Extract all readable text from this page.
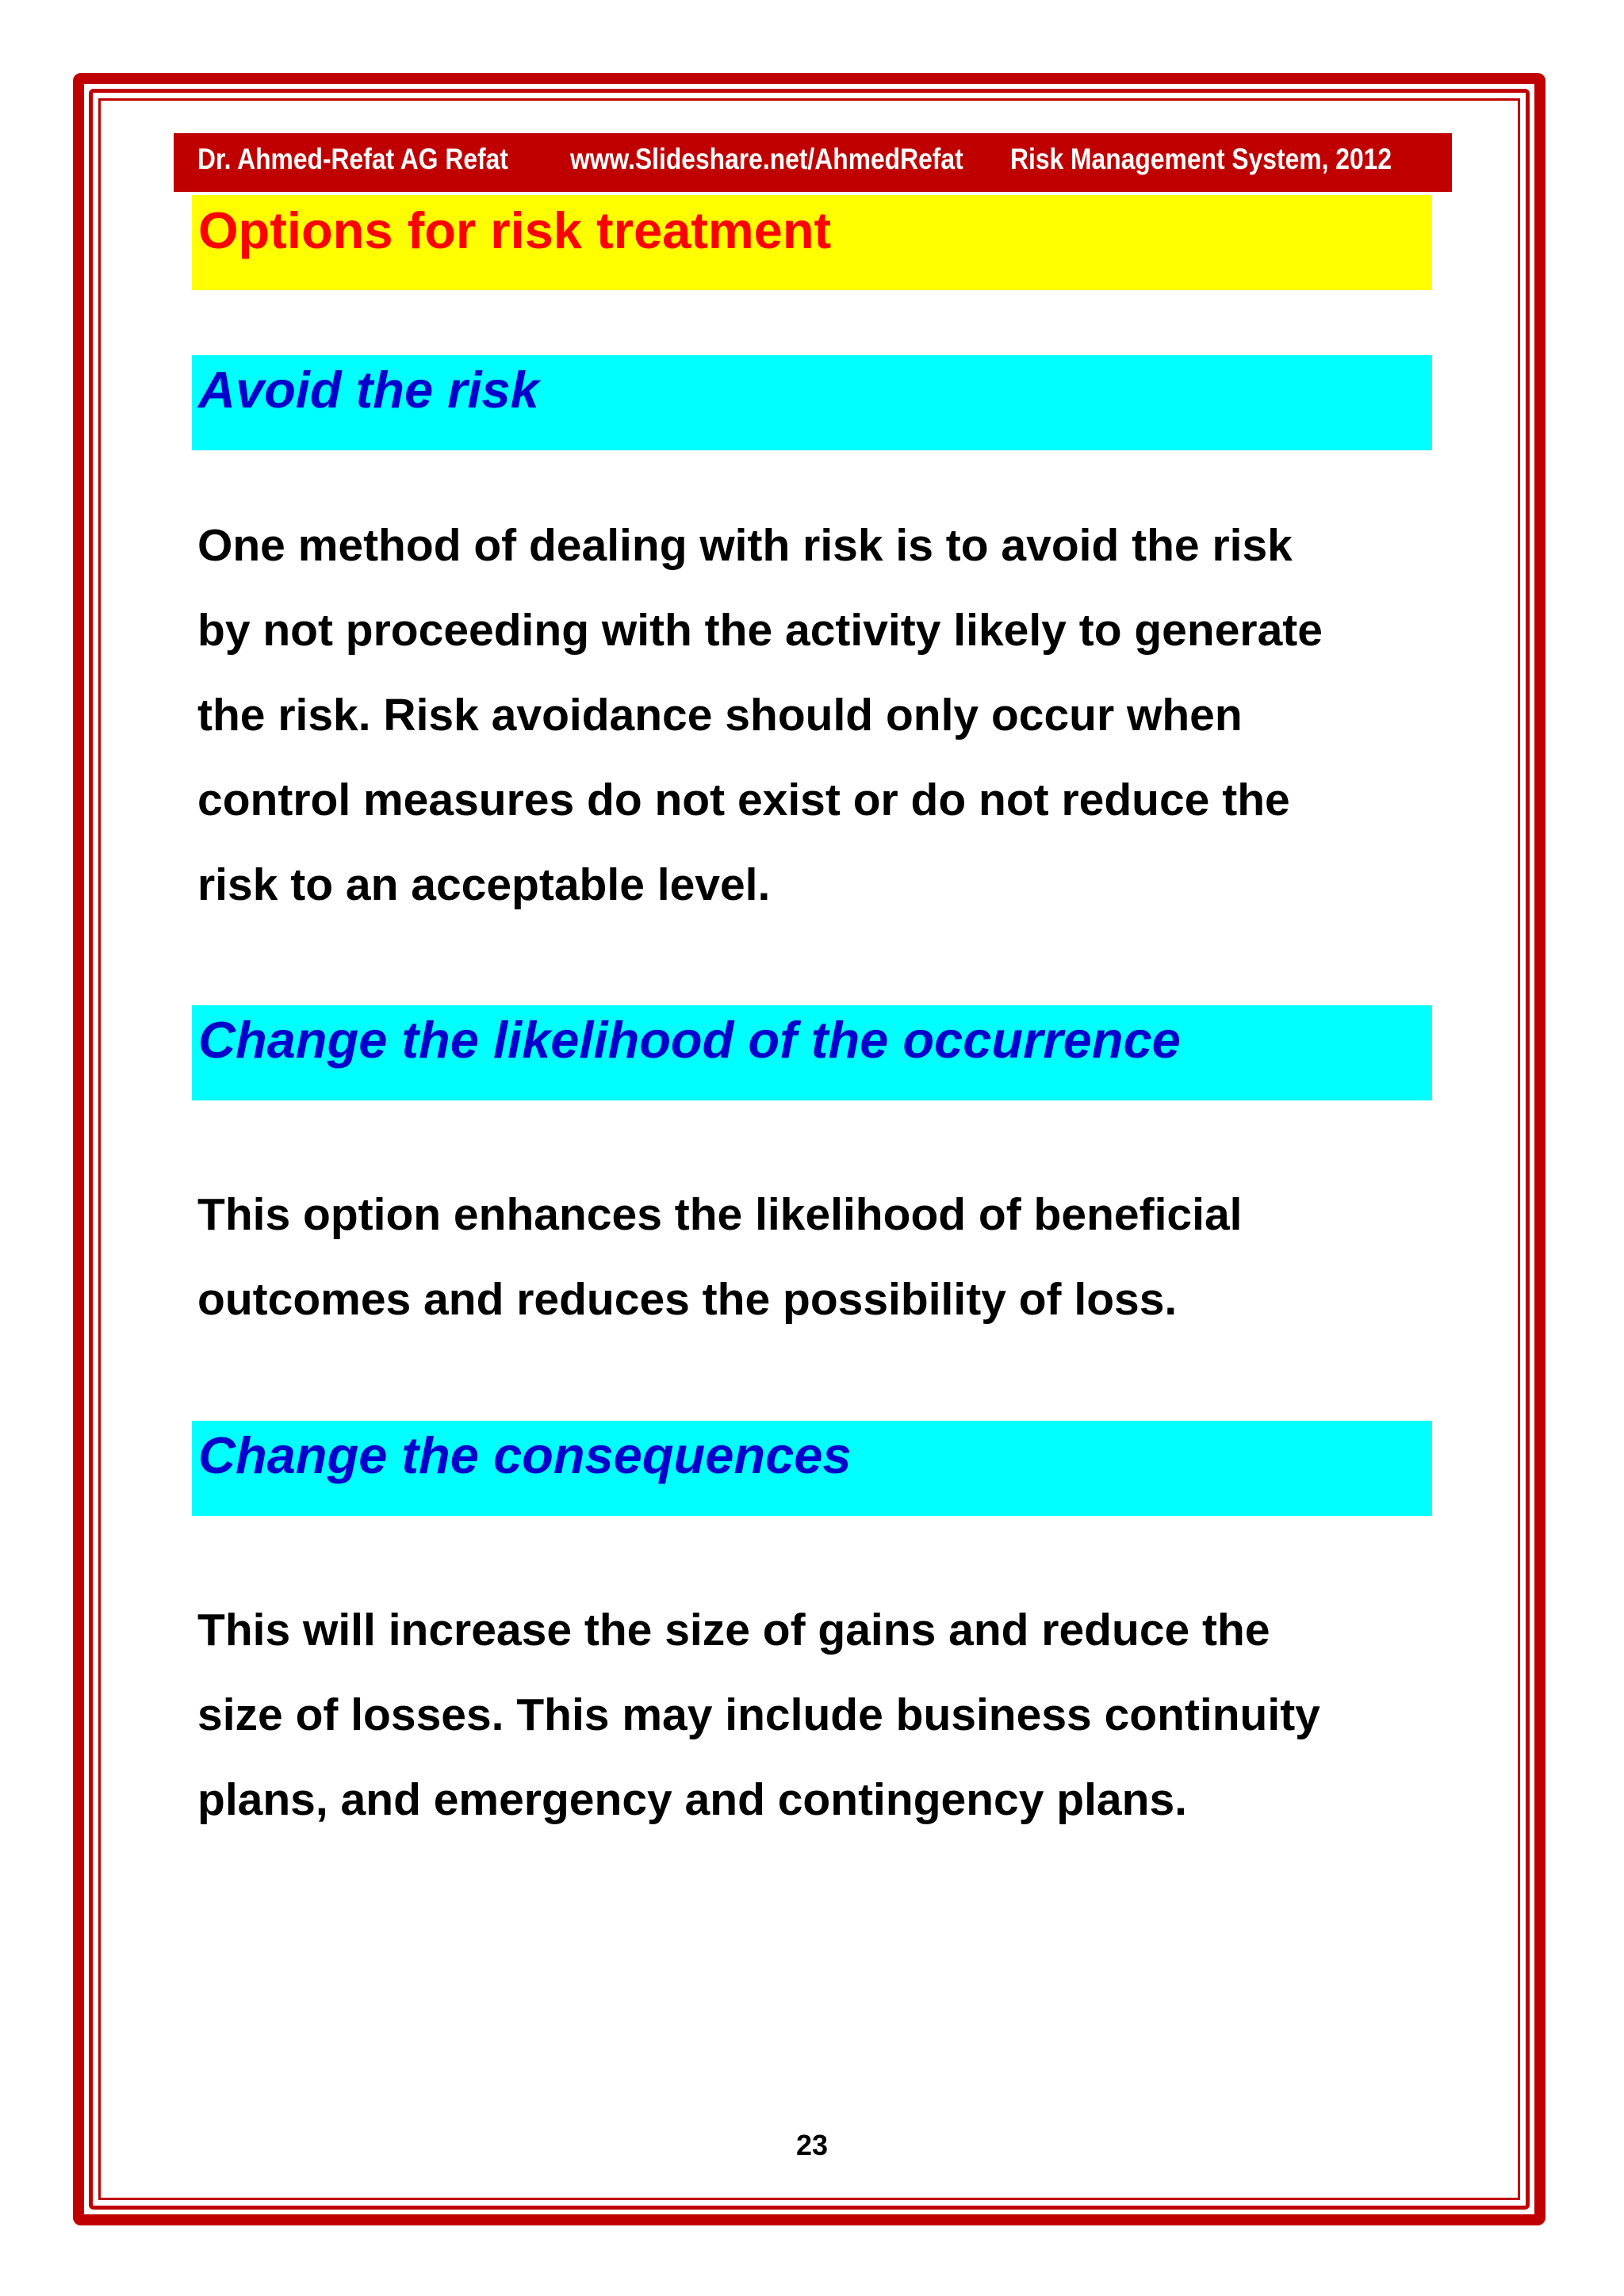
Dr. Ahmed-Refat AG Refat www.Slideshare.net/AhmedRefat Risk Management System, 2012
Options for risk treatment
Avoid the risk
One method of dealing with risk is to avoid the risk
by not proceeding with the activity likely to generate
the risk. Risk avoidance should only occur when
control measures do not exist or do not reduce the
risk to an acceptable level.
Change the likelihood of the occurrence
This option enhances the likelihood of beneficial
outcomes and reduces the possibility of loss.
Change the consequences
This will increase the size of gains and reduce the
size of losses. This may include business continuity
plans, and emergency and contingency plans.
23
